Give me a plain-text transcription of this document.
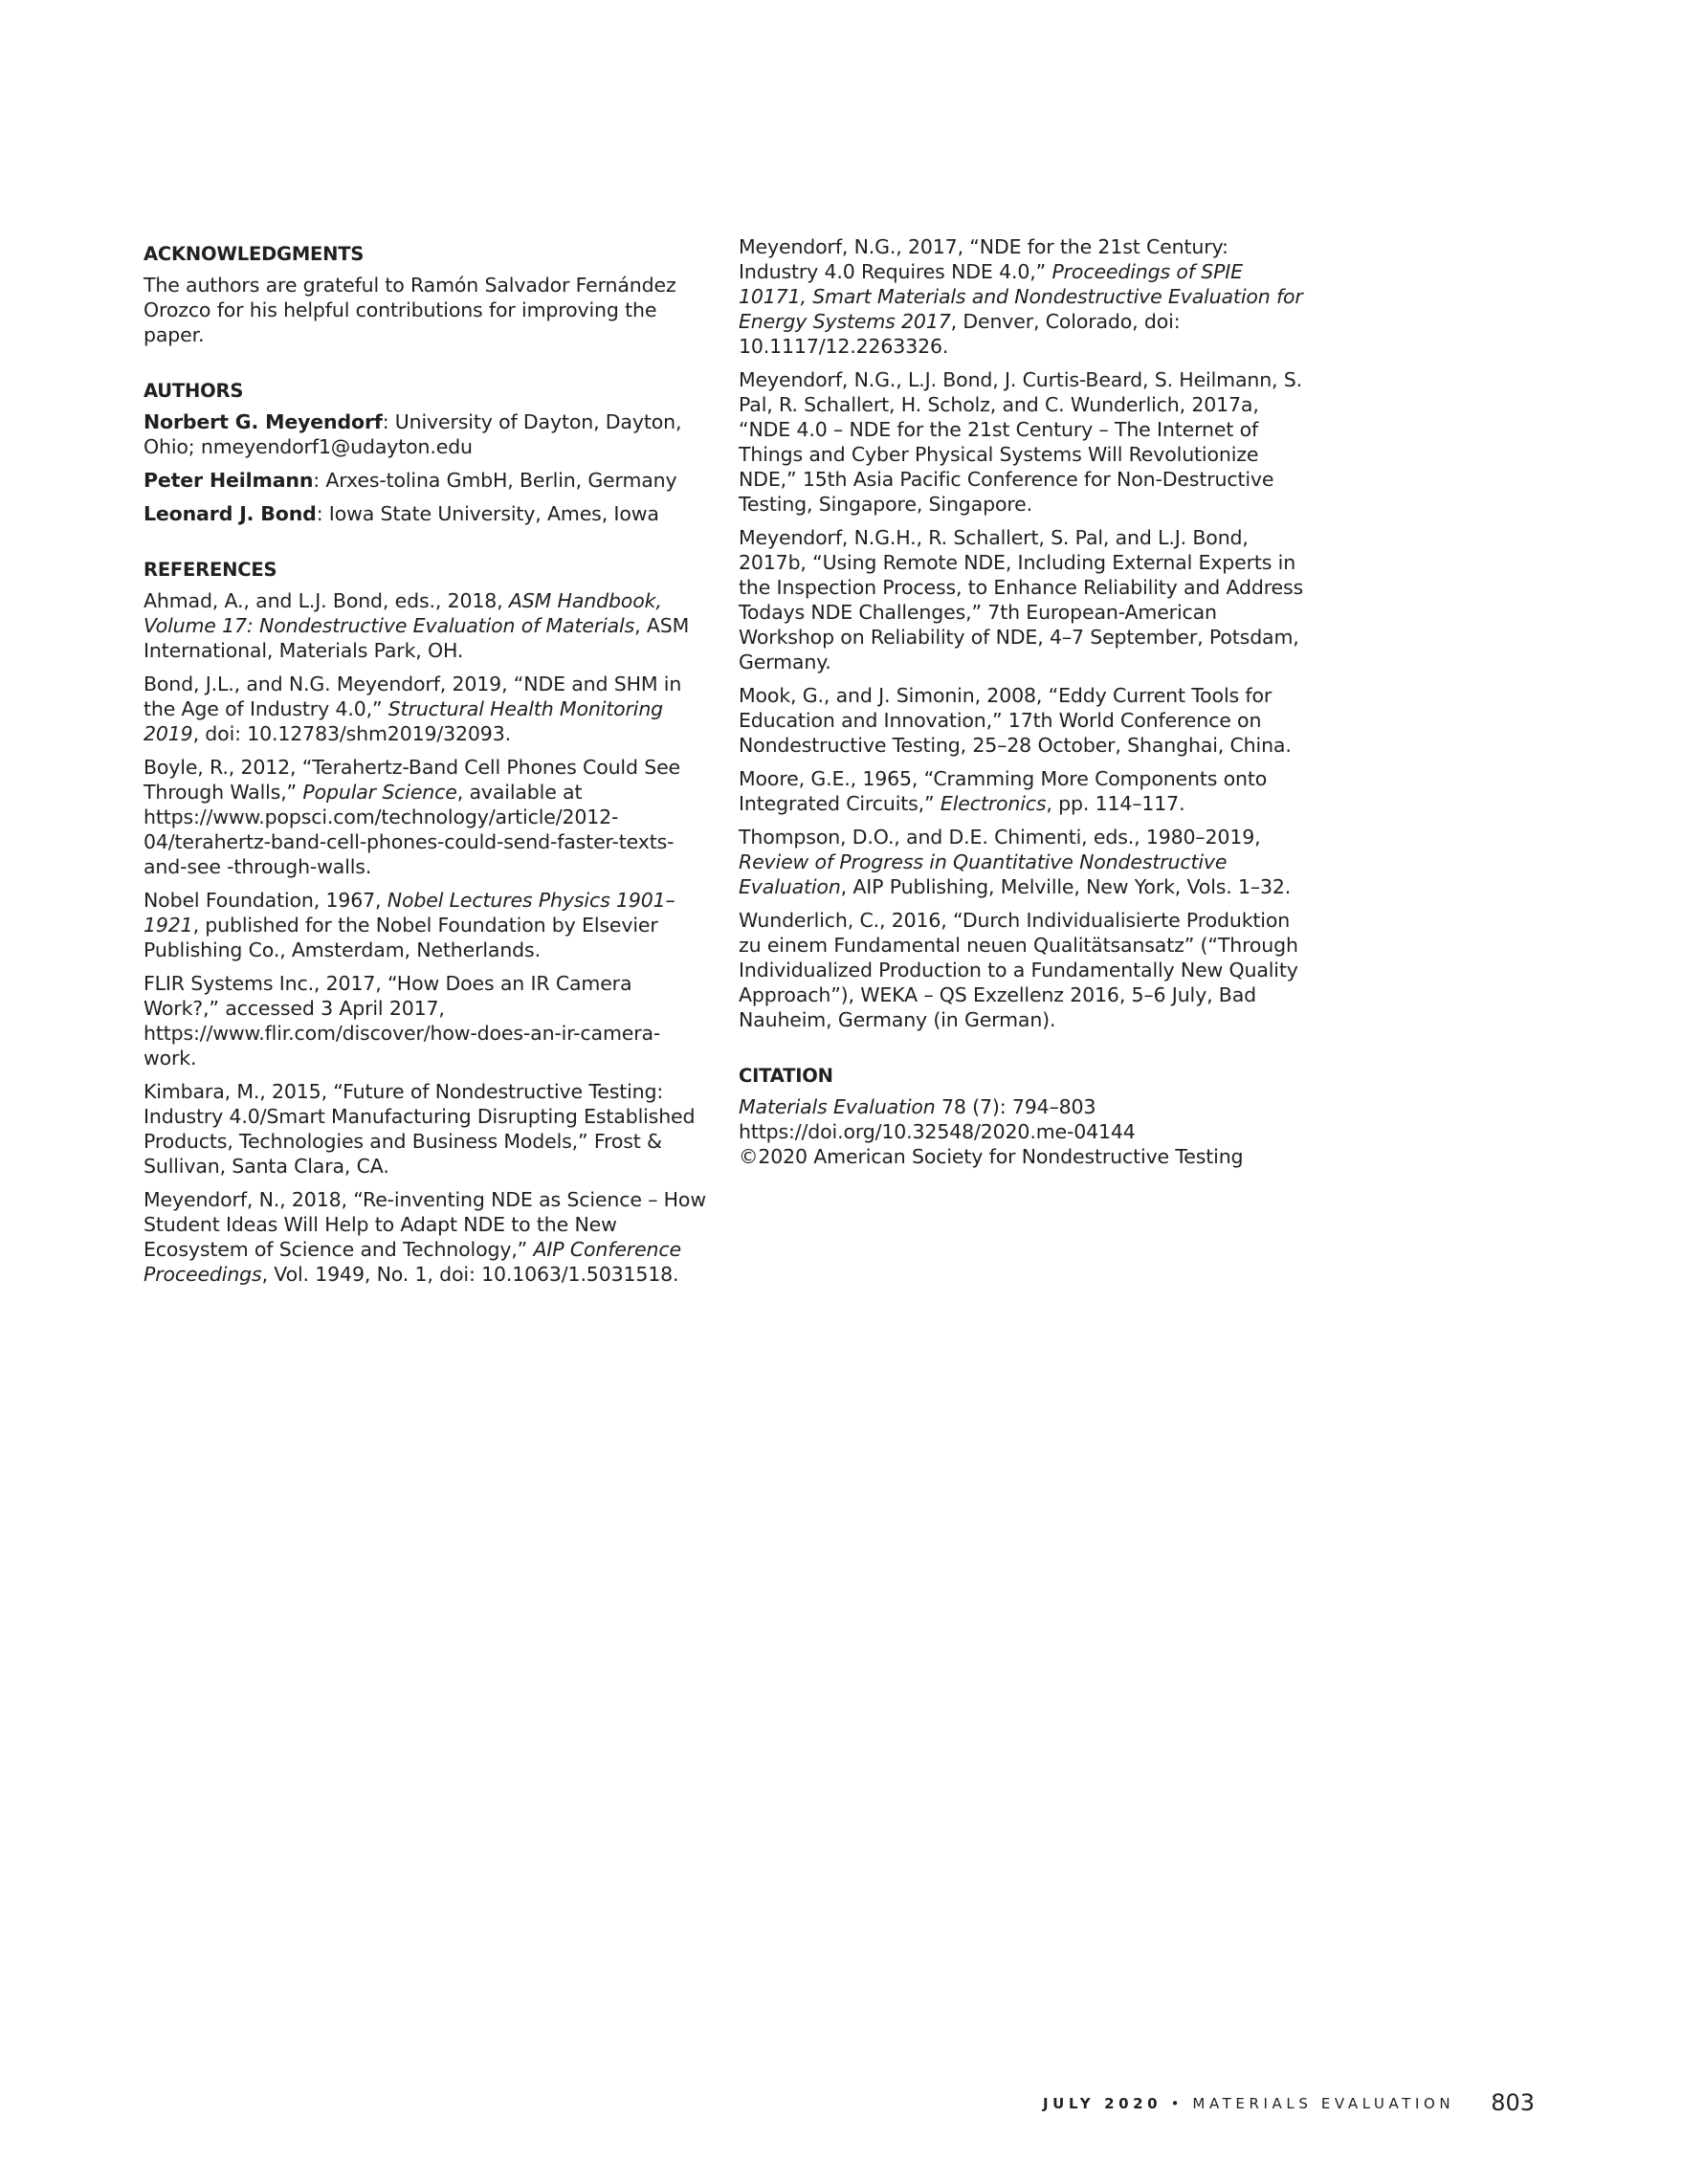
ACKNOWLEDGMENTS

The authors are grateful to Ramón Salvador Fernández Orozco for his helpful contributions for improving the paper.

AUTHORS

Norbert G. Meyendorf: University of Dayton, Dayton, Ohio; nmeyendorf1@udayton.edu

Peter Heilmann: Arxes-tolina GmbH, Berlin, Germany

Leonard J. Bond: Iowa State University, Ames, Iowa

REFERENCES

Ahmad, A., and L.J. Bond, eds., 2018, ASM Handbook, Volume 17: Nondestructive Evaluation of Materials, ASM International, Materials Park, OH.

Bond, J.L., and N.G. Meyendorf, 2019, “NDE and SHM in the Age of Industry 4.0,” Structural Health Monitoring 2019, doi: 10.12783/shm2019/32093.

Boyle, R., 2012, “Terahertz-Band Cell Phones Could See Through Walls,” Popular Science, available at https://www.popsci.com/technology/article/2012-04/terahertz-band-cell-phones-could-send-faster-texts-and-see -through-walls.

Nobel Foundation, 1967, Nobel Lectures Physics 1901–1921, published for the Nobel Foundation by Elsevier Publishing Co., Amsterdam, Netherlands.

FLIR Systems Inc., 2017, “How Does an IR Camera Work?,” accessed 3 April 2017, https://www.flir.com/discover/how-does-an-ir-camera-work.

Kimbara, M., 2015, “Future of Nondestructive Testing: Industry 4.0/Smart Manufacturing Disrupting Established Products, Technologies and Business Models,” Frost & Sullivan, Santa Clara, CA.

Meyendorf, N., 2018, “Re-inventing NDE as Science – How Student Ideas Will Help to Adapt NDE to the New Ecosystem of Science and Technology,” AIP Conference Proceedings, Vol. 1949, No. 1, doi: 10.1063/1.5031518.

Meyendorf, N.G., 2017, “NDE for the 21st Century: Industry 4.0 Requires NDE 4.0,” Proceedings of SPIE 10171, Smart Materials and Nondestructive Evaluation for Energy Systems 2017, Denver, Colorado, doi: 10.1117/12.2263326.

Meyendorf, N.G., L.J. Bond, J. Curtis-Beard, S. Heilmann, S. Pal, R. Schallert, H. Scholz, and C. Wunderlich, 2017a, “NDE 4.0 – NDE for the 21st Century – The Internet of Things and Cyber Physical Systems Will Revolutionize NDE,” 15th Asia Pacific Conference for Non-Destructive Testing, Singapore, Singapore.

Meyendorf, N.G.H., R. Schallert, S. Pal, and L.J. Bond, 2017b, “Using Remote NDE, Including External Experts in the Inspection Process, to Enhance Reliability and Address Todays NDE Challenges,” 7th European-American Workshop on Reliability of NDE, 4–7 September, Potsdam, Germany.

Mook, G., and J. Simonin, 2008, “Eddy Current Tools for Education and Innovation,” 17th World Conference on Nondestructive Testing, 25–28 October, Shanghai, China.

Moore, G.E., 1965, “Cramming More Components onto Integrated Circuits,” Electronics, pp. 114–117.

Thompson, D.O., and D.E. Chimenti, eds., 1980–2019, Review of Progress in Quantitative Nondestructive Evaluation, AIP Publishing, Melville, New York, Vols. 1–32.

Wunderlich, C., 2016, “Durch Individualisierte Produktion zu einem Fundamental neuen Qualitätsansatz” (“Through Individualized Production to a Fundamentally New Quality Approach”), WEKA – QS Exzellenz 2016, 5–6 July, Bad Nauheim, Germany (in German).

CITATION
Materials Evaluation 78 (7): 794–803
https://doi.org/10.32548/2020.me-04144
©2020 American Society for Nondestructive Testing
JULY 2020 • MATERIALS EVALUATION 803
